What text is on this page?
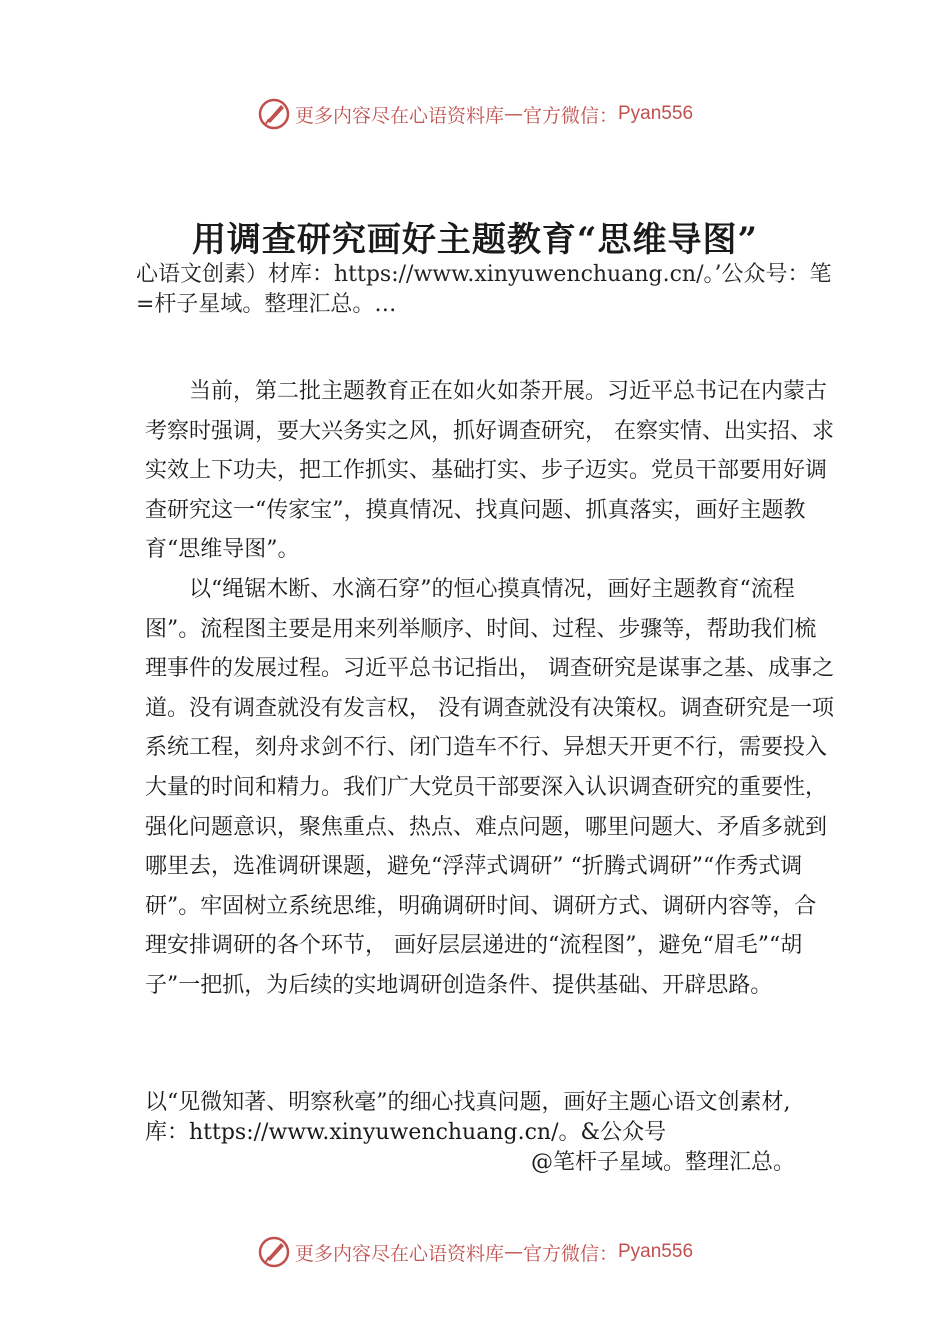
更多内容尽在心语资料库 — 官方微信： Pyan556
用调查研究画好主题教育“思维导图”
心语文创素）材库：https://www.xinyuwenchuang.cn/。’公众号：笔=杆子星域。整理汇总。…

当前，第二批主题教育正在如火如荼开展。习近平总书记在内蒙古考察时强调，要大兴务实之风，抓好调查研究， 在察实情、出实招、求实效上下功夫，把工作抓实、基础打实、步子迈实。党员干部要用好调查研究这一“传家宝”，摸真情况、找真问题、抓真落实，画好主题教育“思维导图”。

以“绳锯木断、水滴石穿”的恒心摸真情况，画好主题教育“流程图”。流程图主要是用来列举顺序、时间、过程、步骤等，帮助我们梳理事件的发展过程。习近平总书记指出， 调查研究是谋事之基、成事之道。没有调查就没有发言权， 没有调查就没有决策权。调查研究是一项系统工程，刻舟求剑不行、闭门造车不行、异想天开更不行，需要投入大量的时间和精力。我们广大党员干部要深入认识调查研究的重要性，强化问题意识，聚焦重点、热点、难点问题，哪里问题大、矛盾多就到哪里去，选准调研课题，避免“浮萍式调研” “折腾式调研”“作秀式调研”。牢固树立系统思维，明确调研时间、调研方式、调研内容等，合理安排调研的各个环节， 画好层层递进的“流程图”，避免“眉毛”“胡子”一把抓，为后续的实地调研创造条件、提供基础、开辟思路。

以“见微知著、明察秋毫”的细心找真问题，画好主题心语文创素材,库：https://www.xinyuwenchuang.cn/。&公众号
@笔杆子星域。整理汇总。
更多内容尽在心语资料库 — 官方微信： Pyan556
